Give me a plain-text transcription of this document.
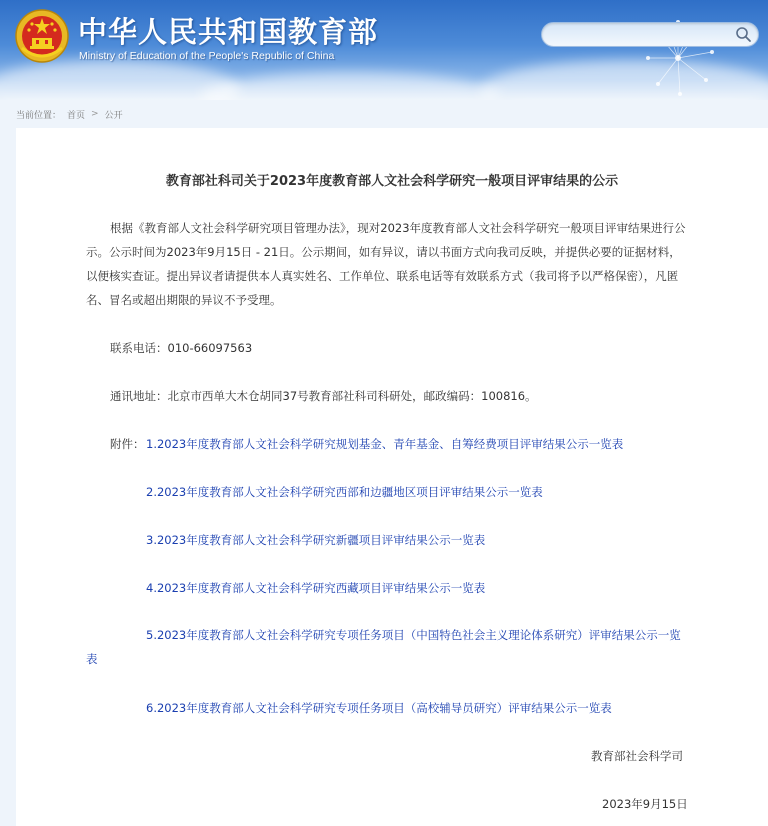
中华人民共和国教育部
Ministry of Education of the People's Republic of China
当前位置： 首页 > 公开
教育部社科司关于2023年度教育部人文社会科学研究一般项目评审结果的公示
根据《教育部人文社会科学研究项目管理办法》，现对2023年度教育部人文社会科学研究一般项目评审结果进行公示。公示时间为2023年9月15日 - 21日。公示期间，如有异议，请以书面方式向我司反映，并提供必要的证据材料，以便核实查证。提出异议者请提供本人真实姓名、工作单位、联系电话等有效联系方式（我司将予以严格保密），凡匿名、冒名或超出期限的异议不予受理。
联系电话：010-66097563
通讯地址：北京市西单大木仓胡同37号教育部社科司科研处，邮政编码：100816。
附件： 1.2023年度教育部人文社会科学研究规划基金、青年基金、自筹经费项目评审结果公示一览表
2.2023年度教育部人文社会科学研究西部和边疆地区项目评审结果公示一览表
3.2023年度教育部人文社会科学研究新疆项目评审结果公示一览表
4.2023年度教育部人文社会科学研究西藏项目评审结果公示一览表
5.2023年度教育部人文社会科学研究专项任务项目（中国特色社会主义理论体系研究）评审结果公示一览表
6.2023年度教育部人文社会科学研究专项任务项目（高校辅导员研究）评审结果公示一览表
教育部社会科学司
2023年9月15日
